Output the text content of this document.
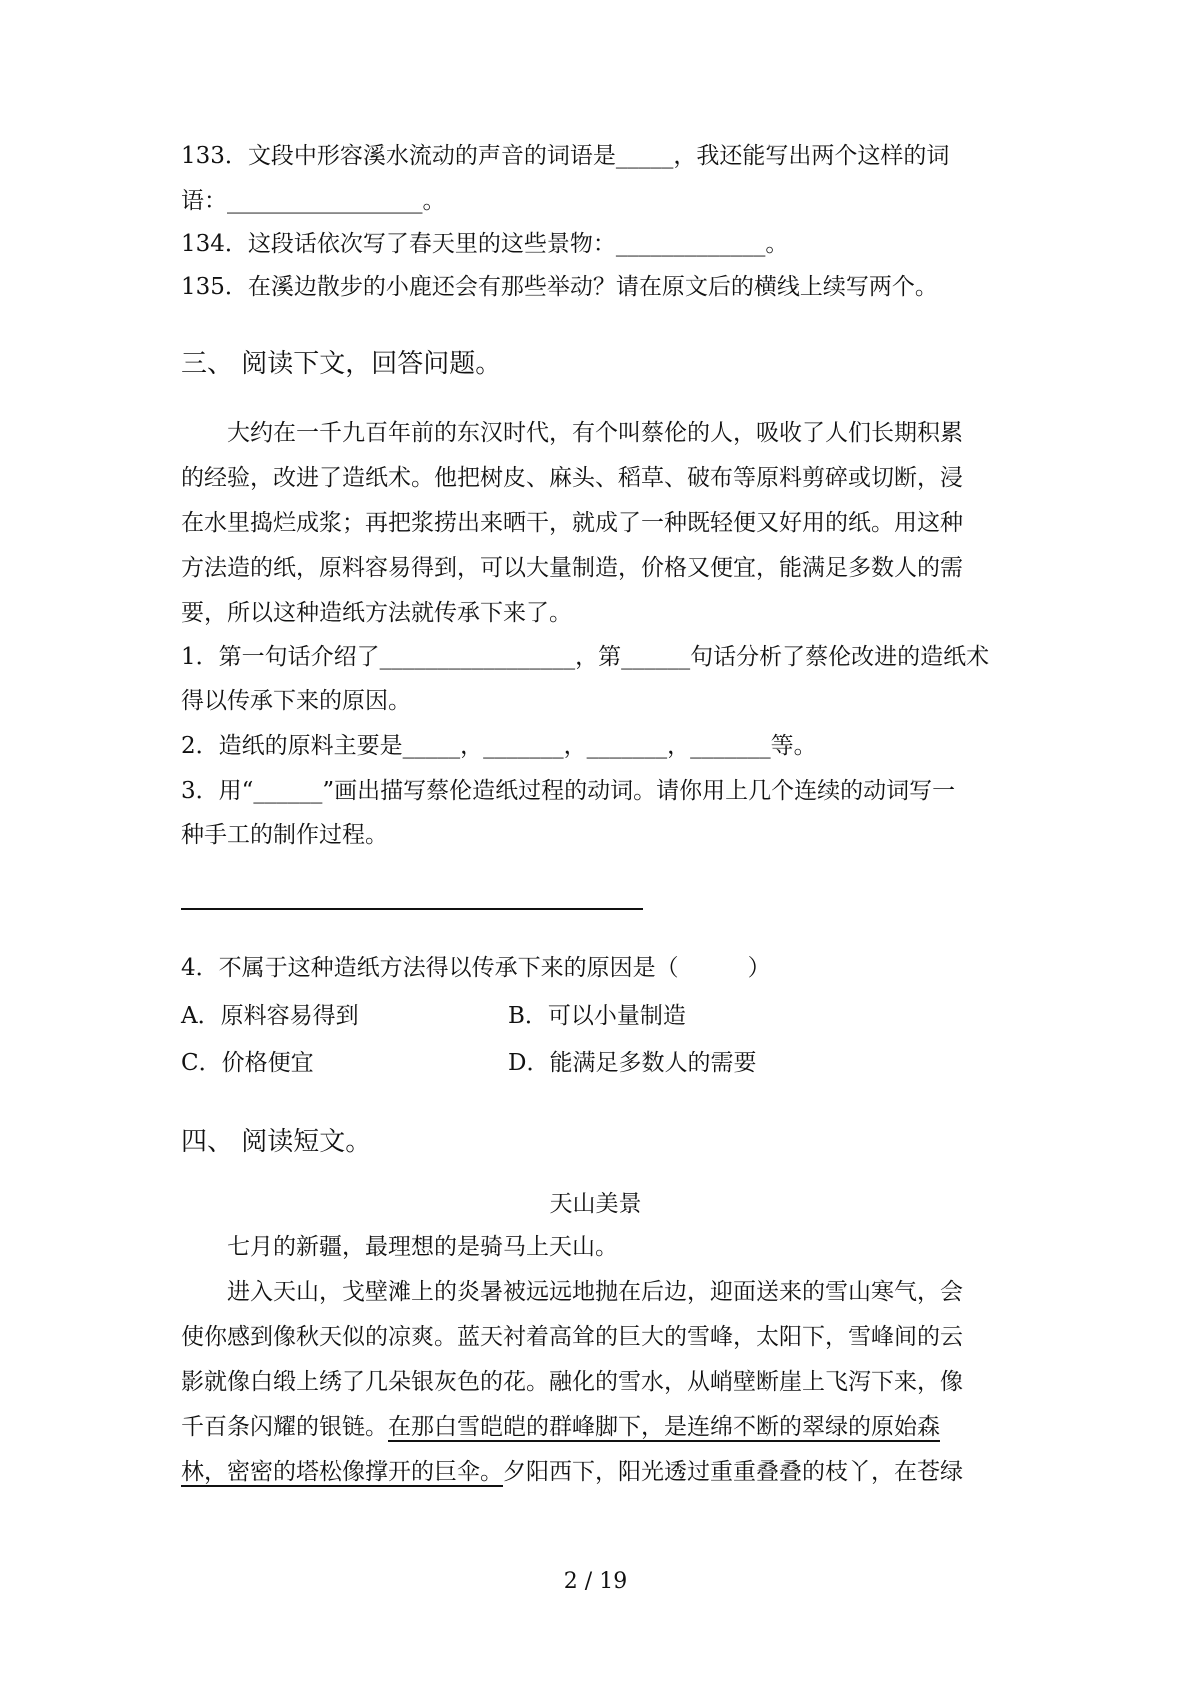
133．文段中形容溪水流动的声音的词语是_____，我还能写出两个这样的词
语：_________________。
134．这段话依次写了春天里的这些景物：_____________。
135．在溪边散步的小鹿还会有那些举动？请在原文后的横线上续写两个。
三、 阅读下文，回答问题。
　　大约在一千九百年前的东汉时代，有个叫蔡伦的人，吸收了人们长期积累
的经验，改进了造纸术。他把树皮、麻头、稻草、破布等原料剪碎或切断，浸
在水里捣烂成浆；再把浆捞出来晒干，就成了一种既轻便又好用的纸。用这种
方法造的纸，原料容易得到，可以大量制造，价格又便宜，能满足多数人的需
要，所以这种造纸方法就传承下来了。
1．第一句话介绍了_________________，第______句话分析了蔡伦改进的造纸术
得以传承下来的原因。
2．造纸的原料主要是_____，_______，_______，_______等。
3．用“______”画出描写蔡伦造纸过程的动词。请你用上几个连续的动词写一
种手工的制作过程。
4．不属于这种造纸方法得以传承下来的原因是（　　　）
A．原料容易得到	B．可以小量制造
C．价格便宜	D．能满足多数人的需要
四、 阅读短文。
天山美景
　　七月的新疆，最理想的是骑马上天山。
　　进入天山，戈壁滩上的炎暑被远远地抛在后边，迎面送来的雪山寒气，会
使你感到像秋天似的凉爽。蓝天衬着高耸的巨大的雪峰，太阳下，雪峰间的云
影就像白缎上绣了几朵银灰色的花。融化的雪水，从峭壁断崖上飞泻下来，像
千百条闪耀的银链。在那白雪皑皑的群峰脚下，是连绵不断的翠绿的原始森
林，密密的塔松像撑开的巨伞。夕阳西下，阳光透过重重叠叠的枝丫，在苍绿
2 / 19
